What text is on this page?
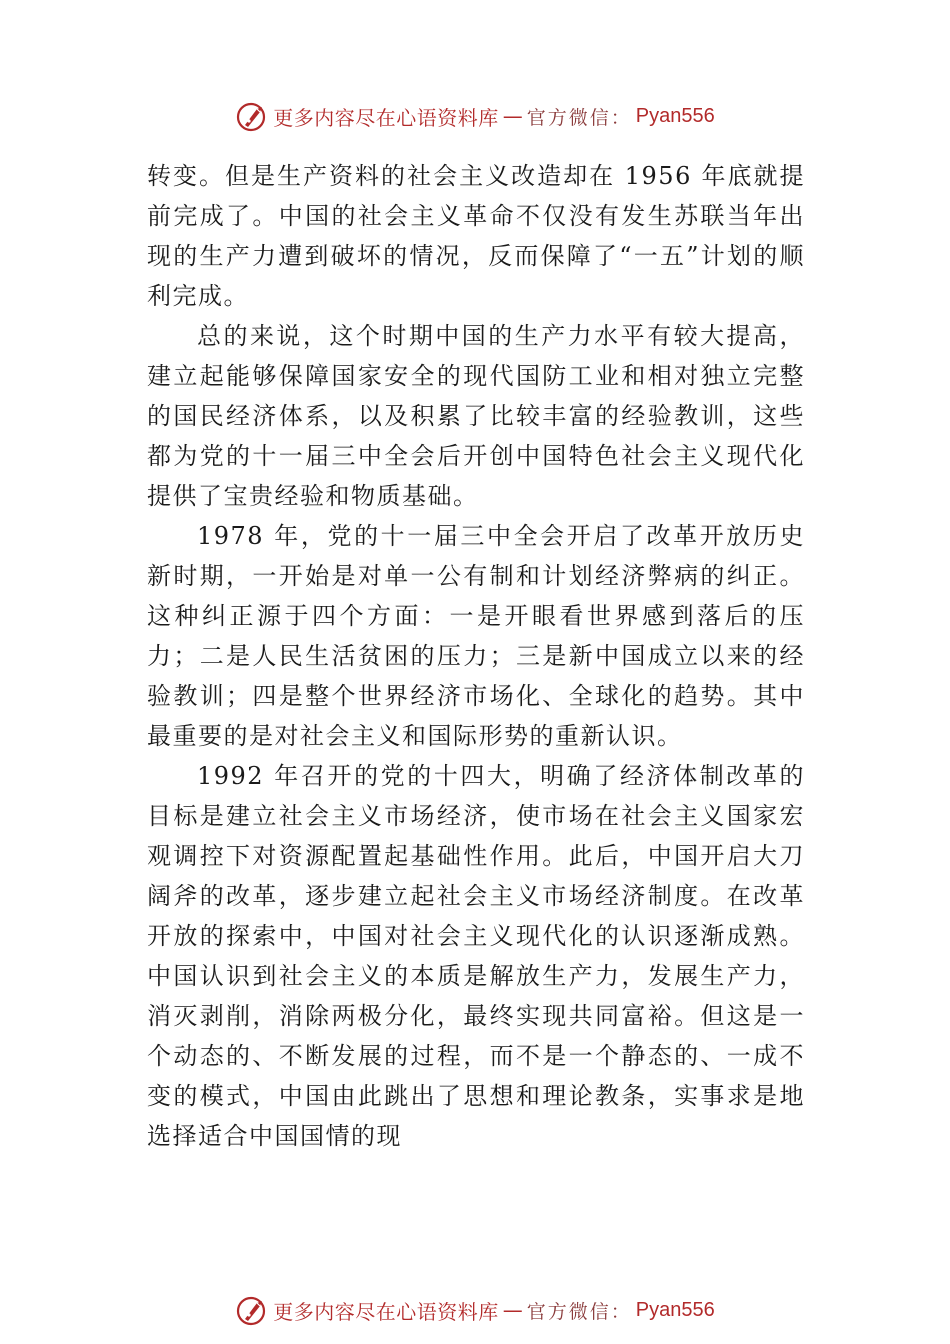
更多内容尽在心语资料库 — 官方微信： Pyan556

转变。但是生产资料的社会主义改造却在 1956 年底就提前完成了。中国的社会主义革命不仅没有发生苏联当年出现的生产力遭到破坏的情况，反而保障了“一五”计划的顺利完成。

总的来说，这个时期中国的生产力水平有较大提高，建立起能够保障国家安全的现代国防工业和相对独立完整的国民经济体系，以及积累了比较丰富的经验教训，这些都为党的十一届三中全会后开创中国特色社会主义现代化提供了宝贵经验和物质基础。

1978 年，党的十一届三中全会开启了改革开放历史新时期，一开始是对单一公有制和计划经济弊病的纠正。这种纠正源于四个方面：一是开眼看世界感到落后的压力；二是人民生活贫困的压力；三是新中国成立以来的经验教训；四是整个世界经济市场化、全球化的趋势。其中最重要的是对社会主义和国际形势的重新认识。

1992 年召开的党的十四大，明确了经济体制改革的目标是建立社会主义市场经济，使市场在社会主义国家宏观调控下对资源配置起基础性作用。此后，中国开启大刀阔斧的改革，逐步建立起社会主义市场经济制度。在改革开放的探索中，中国对社会主义现代化的认识逐渐成熟。中国认识到社会主义的本质是解放生产力，发展生产力，消灭剥削，消除两极分化，最终实现共同富裕。但这是一个动态的、不断发展的过程，而不是一个静态的、一成不变的模式，中国由此跳出了思想和理论教条，实事求是地选择适合中国国情的现

更多内容尽在心语资料库 — 官方微信： Pyan556
